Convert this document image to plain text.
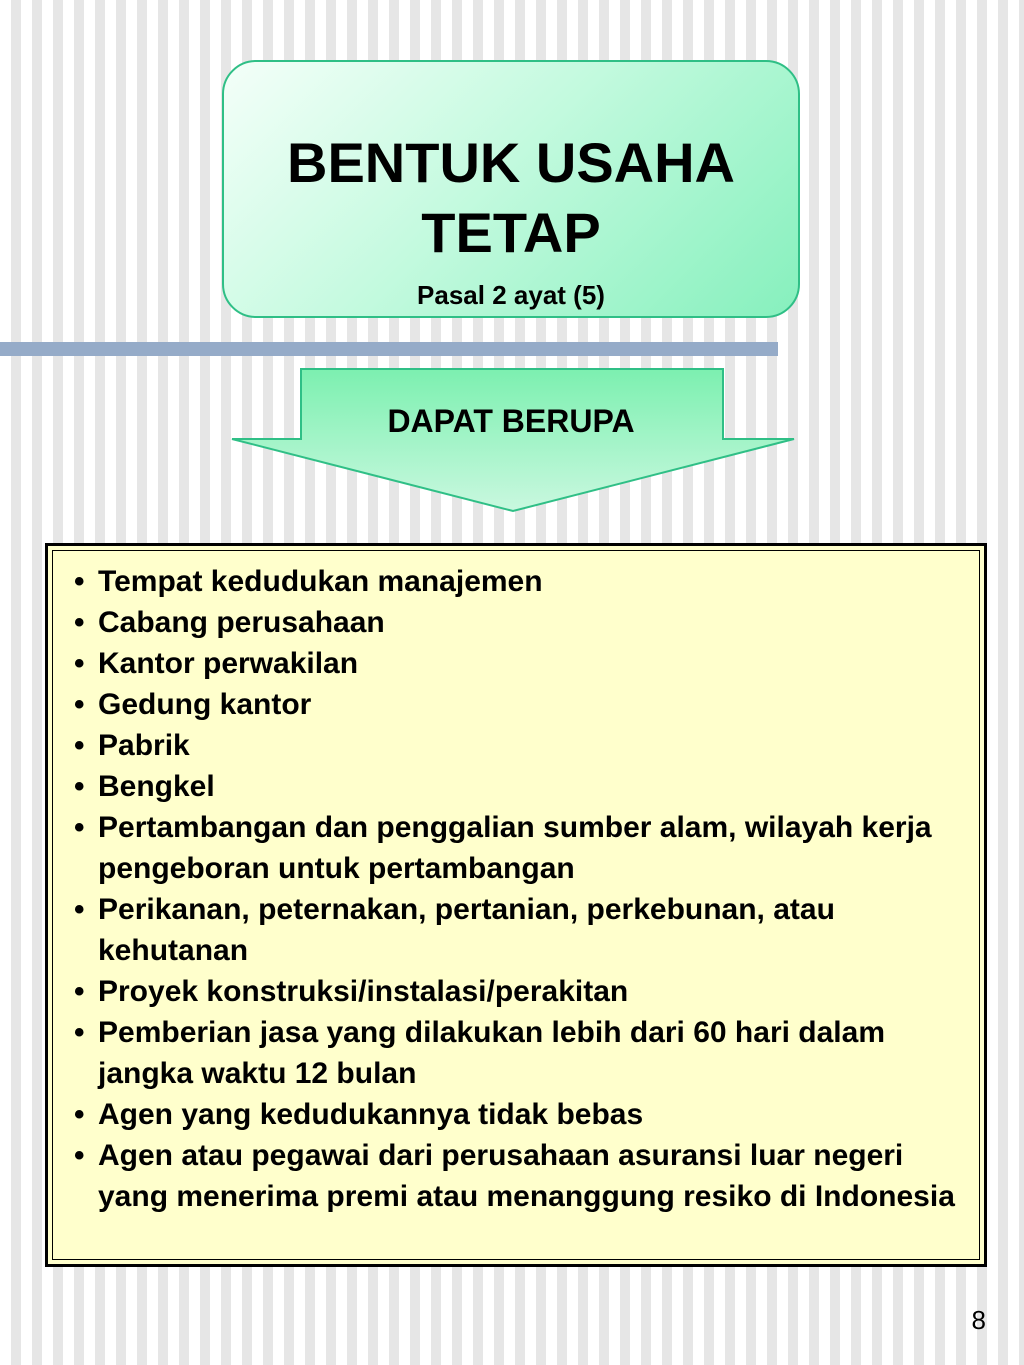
BENTUK USAHA TETAP
Pasal 2 ayat (5)
DAPAT BERUPA
• Tempat kedudukan manajemen
• Cabang perusahaan
• Kantor perwakilan
• Gedung kantor
• Pabrik
• Bengkel
• Pertambangan dan penggalian sumber alam, wilayah kerja pengeboran untuk pertambangan
• Perikanan, peternakan, pertanian, perkebunan, atau kehutanan
• Proyek konstruksi/instalasi/perakitan
• Pemberian jasa yang dilakukan lebih dari 60 hari dalam jangka waktu 12 bulan
• Agen yang kedudukannya tidak bebas
• Agen atau pegawai dari perusahaan asuransi luar negeri yang menerima premi atau menanggung resiko di Indonesia
8
